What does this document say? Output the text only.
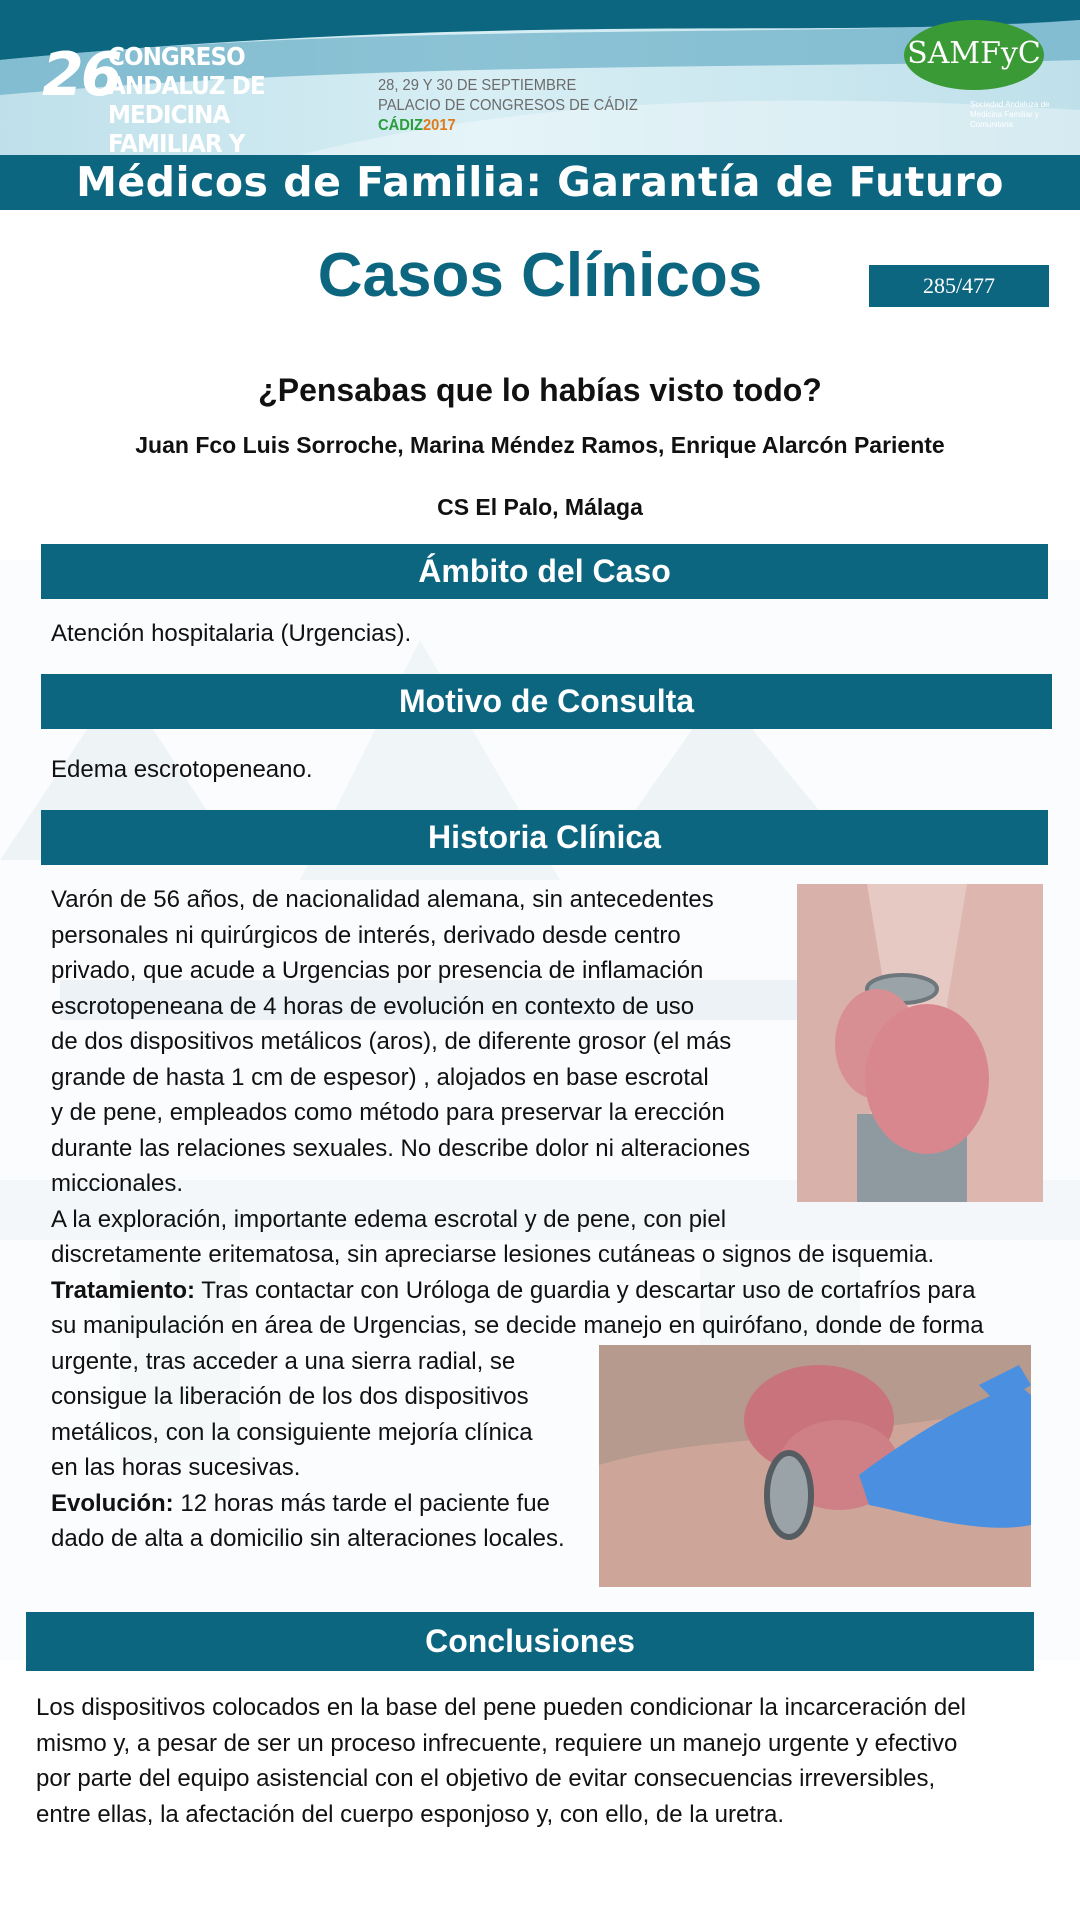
26
CONGRESO ANDALUZ DE MEDICINA FAMILIAR Y
28, 29 Y 30 DE SEPTIEMBRE
PALACIO DE CONGRESOS DE CÁDIZ
CÁDIZ2017
SAMFyC
Sociedad Andaluza de Medicina Familiar y Comunitaria
Médicos de Familia: Garantía de Futuro
Casos Clínicos	285/477
¿Pensabas que lo habías visto todo?
Juan Fco Luis Sorroche, Marina Méndez Ramos, Enrique Alarcón Pariente
CS El Palo, Málaga
Ámbito del Caso
Atención hospitalaria (Urgencias).
Motivo de Consulta
Edema escrotopeneano.
Historia Clínica
Varón de 56 años, de nacionalidad alemana, sin antecedentes
personales ni quirúrgicos de interés, derivado desde centro
privado, que acude a Urgencias por presencia de inflamación
escrotopeneana de 4 horas de evolución en contexto de uso
de dos dispositivos metálicos (aros), de diferente grosor (el más
grande de hasta 1 cm de espesor) , alojados en base escrotal
y de pene, empleados como método para preservar la erección
durante las relaciones sexuales. No describe dolor ni alteraciones
miccionales.
A la exploración, importante edema escrotal y de pene, con piel
discretamente eritematosa, sin apreciarse lesiones cutáneas o signos de isquemia.
Tratamiento: Tras contactar con Uróloga de guardia y descartar uso de cortafríos para
su manipulación en área de Urgencias, se decide manejo en quirófano, donde de forma
urgente, tras acceder a una sierra radial, se
consigue la liberación de los dos dispositivos
metálicos, con la consiguiente mejoría clínica
en las horas sucesivas.
Evolución: 12 horas más tarde el paciente fue
dado de alta a domicilio sin alteraciones locales.
Conclusiones
Los dispositivos colocados en la base del pene pueden condicionar la incarceración del
mismo y, a pesar de ser un proceso infrecuente, requiere un manejo urgente y efectivo
por parte del equipo asistencial con el objetivo de evitar consecuencias irreversibles,
entre ellas, la afectación del cuerpo esponjoso y, con ello, de la uretra.
